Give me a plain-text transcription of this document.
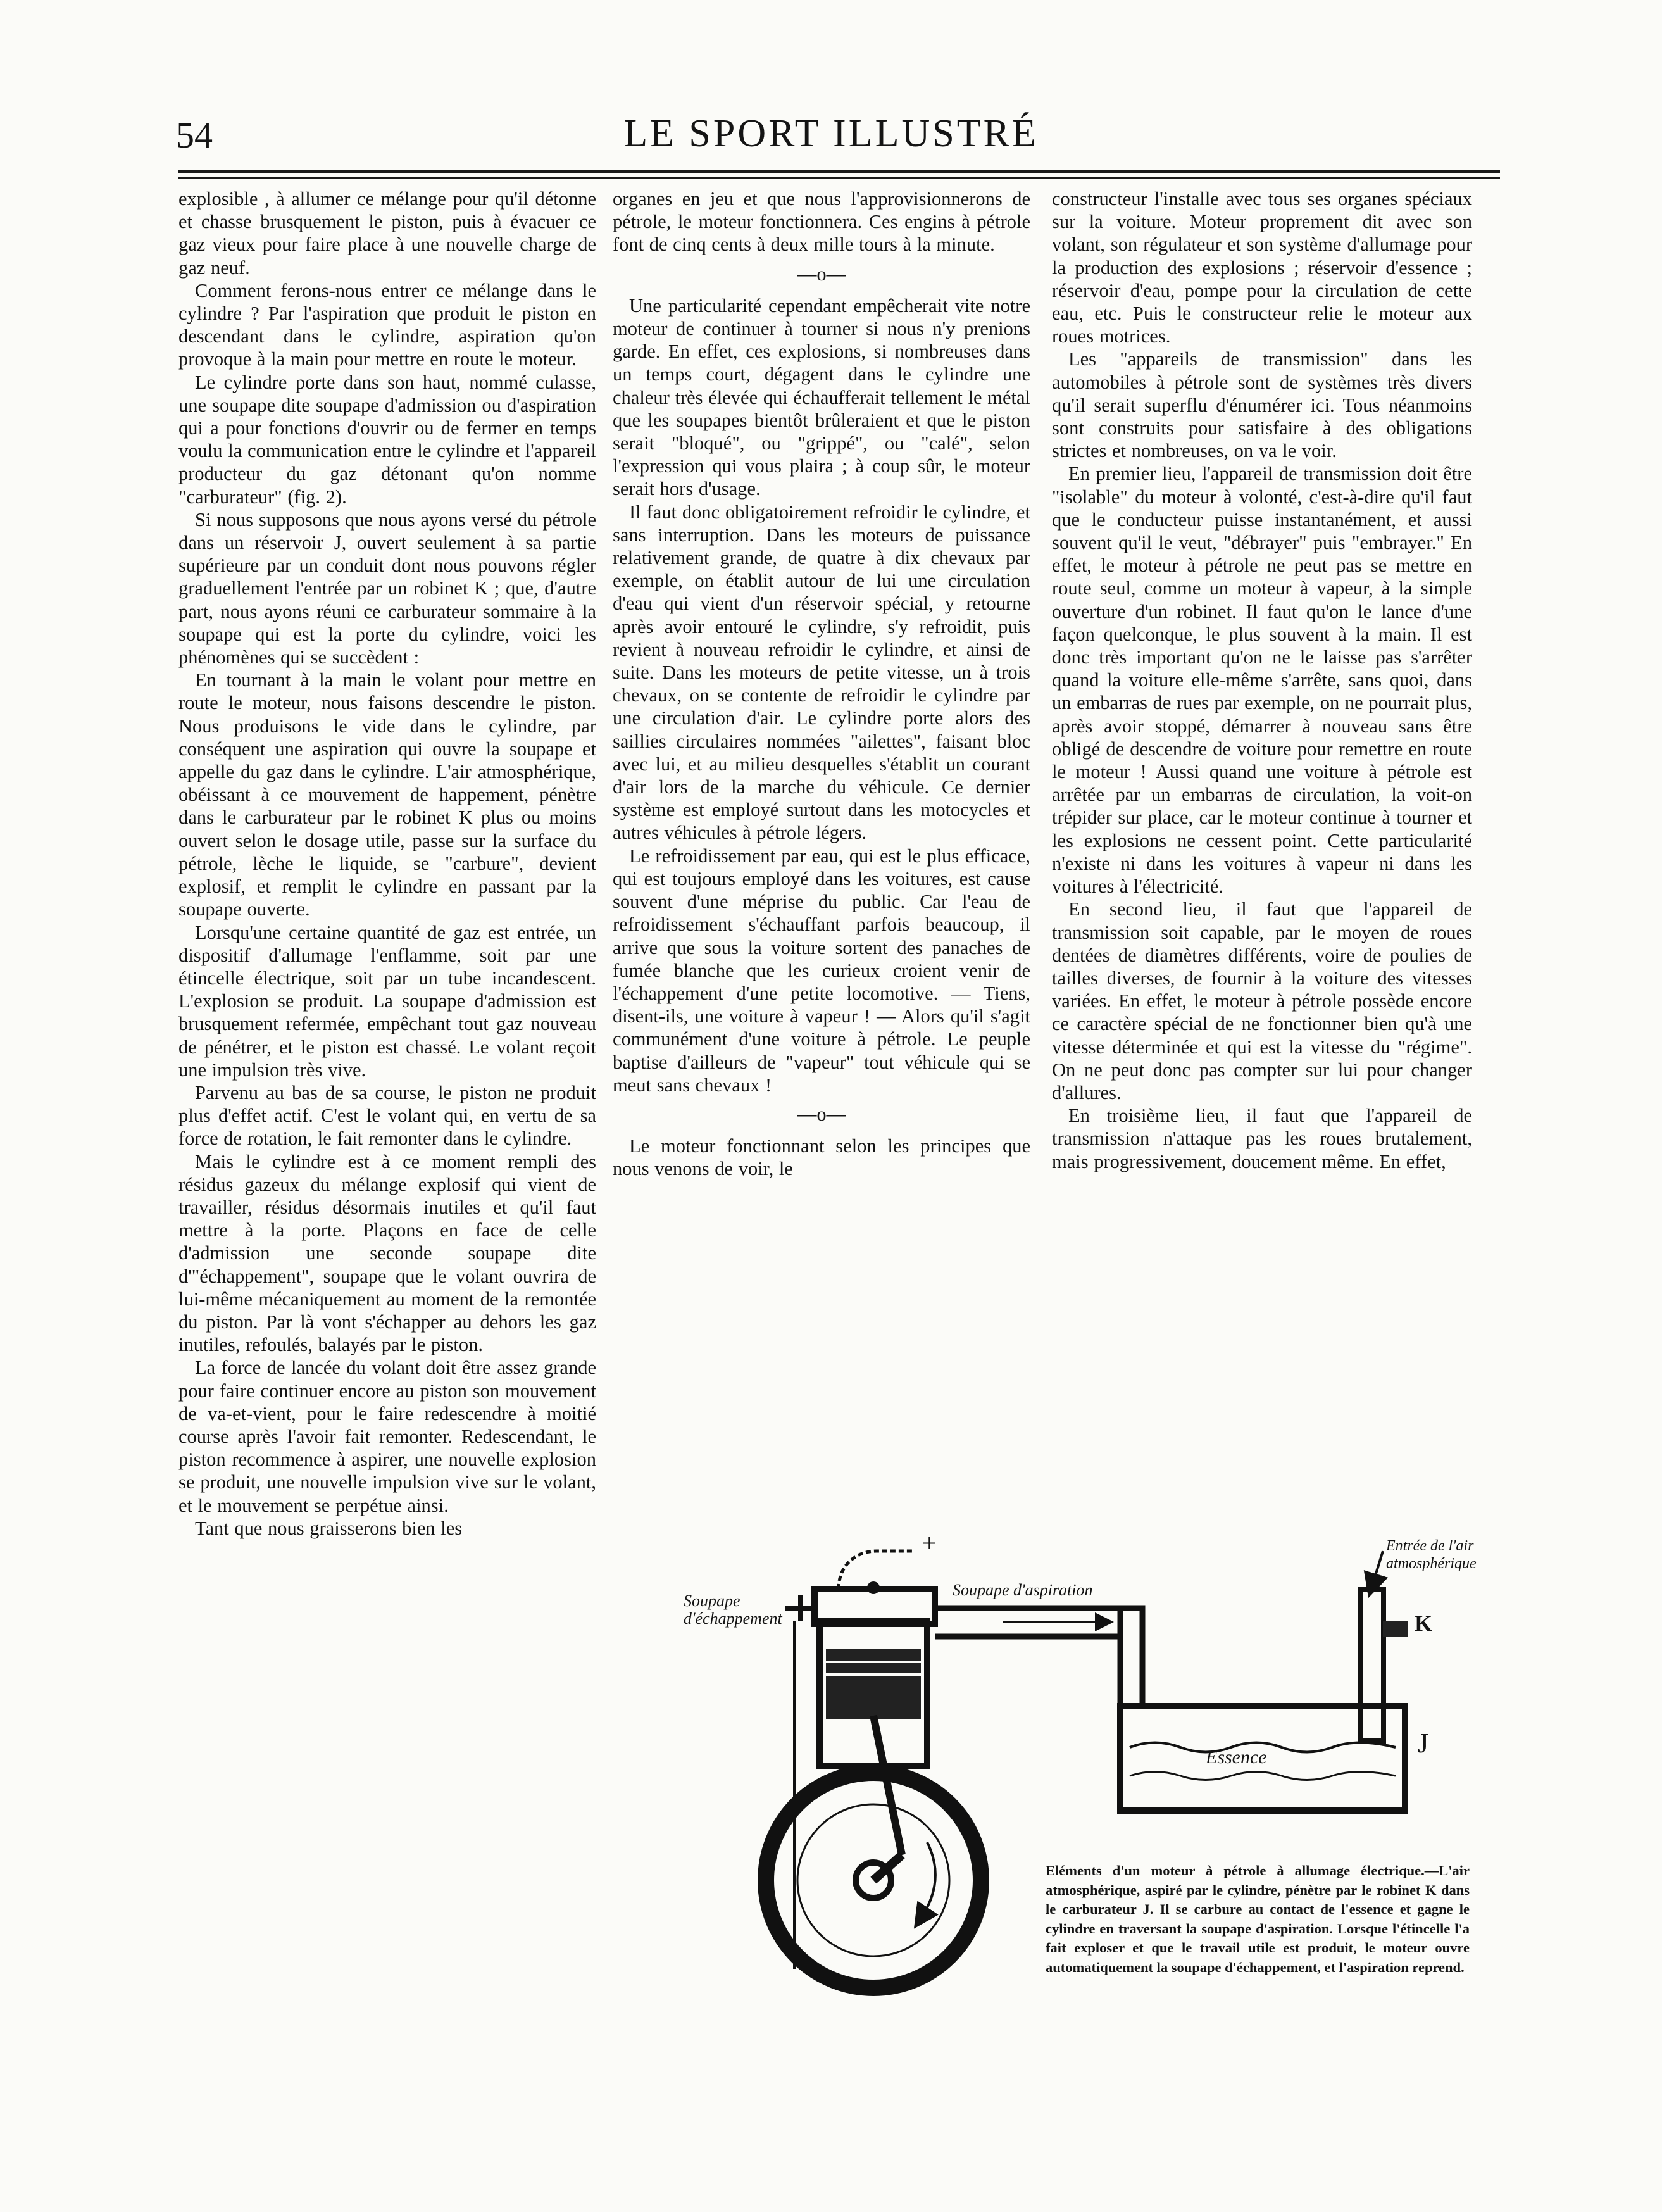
54	LE SPORT ILLUSTRÉ

explosible , à allumer ce mélange pour qu'il détonne et chasse brusquement le piston, puis à évacuer ce gaz vieux pour faire place à une nouvelle charge de gaz neuf.

Comment ferons-nous entrer ce mélange dans le cylindre ? Par l'aspiration que produit le piston en descendant dans le cylindre, aspiration qu'on provoque à la main pour mettre en route le moteur.

Le cylindre porte dans son haut, nommé culasse, une soupape dite soupape d'admission ou d'aspiration qui a pour fonctions d'ouvrir ou de fermer en temps voulu la communication entre le cylindre et l'appareil producteur du gaz détonant qu'on nomme "carburateur" (fig. 2).

Si nous supposons que nous ayons versé du pétrole dans un réservoir J, ouvert seulement à sa partie supérieure par un conduit dont nous pouvons régler graduellement l'entrée par un robinet K ; que, d'autre part, nous ayons réuni ce carburateur sommaire à la soupape qui est la porte du cylindre, voici les phénomènes qui se succèdent :

En tournant à la main le volant pour mettre en route le moteur, nous faisons descendre le piston. Nous produisons le vide dans le cylindre, par conséquent une aspiration qui ouvre la soupape et appelle du gaz dans le cylindre. L'air atmosphérique, obéissant à ce mouvement de happement, pénètre dans le carburateur par le robinet K plus ou moins ouvert selon le dosage utile, passe sur la surface du pétrole, lèche le liquide, se "carbure", devient explosif, et remplit le cylindre en passant par la soupape ouverte.

Lorsqu'une certaine quantité de gaz est entrée, un dispositif d'allumage l'enflamme, soit par une étincelle électrique, soit par un tube incandescent. L'explosion se produit. La soupape d'admission est brusquement refermée, empêchant tout gaz nouveau de pénétrer, et le piston est chassé. Le volant reçoit une impulsion très vive.

Parvenu au bas de sa course, le piston ne produit plus d'effet actif. C'est le volant qui, en vertu de sa force de rotation, le fait remonter dans le cylindre.

Mais le cylindre est à ce moment rempli des résidus gazeux du mélange explosif qui vient de travailler, résidus désormais inutiles et qu'il faut mettre à la porte. Plaçons en face de celle d'admission une seconde soupape dite d'"échappement", soupape que le volant ouvrira de lui-même mécaniquement au moment de la remontée du piston. Par là vont s'échapper au dehors les gaz inutiles, refoulés, balayés par le piston.

La force de lancée du volant doit être assez grande pour faire continuer encore au piston son mouvement de va-et-vient, pour le faire redescendre à moitié course après l'avoir fait remonter. Redescendant, le piston recommence à aspirer, une nouvelle explosion se produit, une nouvelle impulsion vive sur le volant, et le mouvement se perpétue ainsi.

Tant que nous graisserons bien les

organes en jeu et que nous l'approvisionnerons de pétrole, le moteur fonctionnera. Ces engins à pétrole font de cinq cents à deux mille tours à la minute.

—o—

Une particularité cependant empêcherait vite notre moteur de continuer à tourner si nous n'y prenions garde. En effet, ces explosions, si nombreuses dans un temps court, dégagent dans le cylindre une chaleur très élevée qui échaufferait tellement le métal que les soupapes bientôt brûleraient et que le piston serait "bloqué", ou "grippé", ou "calé", selon l'expression qui vous plaira ; à coup sûr, le moteur serait hors d'usage.

Il faut donc obligatoirement refroidir le cylindre, et sans interruption. Dans les moteurs de puissance relativement grande, de quatre à dix chevaux par exemple, on établit autour de lui une circulation d'eau qui vient d'un réservoir spécial, y retourne après avoir entouré le cylindre, s'y refroidit, puis revient à nouveau refroidir le cylindre, et ainsi de suite. Dans les moteurs de petite vitesse, un à trois chevaux, on se contente de refroidir le cylindre par une circulation d'air. Le cylindre porte alors des saillies circulaires nommées "ailettes", faisant bloc avec lui, et au milieu desquelles s'établit un courant d'air lors de la marche du véhicule. Ce dernier système est employé surtout dans les motocycles et autres véhicules à pétrole légers.

Le refroidissement par eau, qui est le plus efficace, qui est toujours employé dans les voitures, est cause souvent d'une méprise du public. Car l'eau de refroidissement s'échauffant parfois beaucoup, il arrive que sous la voiture sortent des panaches de fumée blanche que les curieux croient venir de l'échappement d'une petite locomotive. — Tiens, disent-ils, une voiture à vapeur ! — Alors qu'il s'agit communément d'une voiture à pétrole. Le peuple baptise d'ailleurs de "vapeur" tout véhicule qui se meut sans chevaux !

—o—

Le moteur fonctionnant selon les principes que nous venons de voir, le

constructeur l'installe avec tous ses organes spéciaux sur la voiture. Moteur proprement dit avec son volant, son régulateur et son système d'allumage pour la production des explosions ; réservoir d'essence ; réservoir d'eau, pompe pour la circulation de cette eau, etc. Puis le constructeur relie le moteur aux roues motrices.

Les "appareils de transmission" dans les automobiles à pétrole sont de systèmes très divers qu'il serait superflu d'énumérer ici. Tous néanmoins sont construits pour satisfaire à des obligations strictes et nombreuses, on va le voir.

En premier lieu, l'appareil de transmission doit être "isolable" du moteur à volonté, c'est-à-dire qu'il faut que le conducteur puisse instantanément, et aussi souvent qu'il le veut, "débrayer" puis "embrayer." En effet, le moteur à pétrole ne peut pas se mettre en route seul, comme un moteur à vapeur, à la simple ouverture d'un robinet. Il faut qu'on le lance d'une façon quelconque, le plus souvent à la main. Il est donc très important qu'on ne le laisse pas s'arrêter quand la voiture elle-même s'arrête, sans quoi, dans un embarras de rues par exemple, on ne pourrait plus, après avoir stoppé, démarrer à nouveau sans être obligé de descendre de voiture pour remettre en route le moteur ! Aussi quand une voiture à pétrole est arrêtée par un embarras de circulation, la voit-on trépider sur place, car le moteur continue à tourner et les explosions ne cessent point. Cette particularité n'existe ni dans les voitures à vapeur ni dans les voitures à l'électricité.

En second lieu, il faut que l'appareil de transmission soit capable, par le moyen de roues dentées de diamètres différents, voire de poulies de tailles diverses, de fournir à la voiture des vitesses variées. En effet, le moteur à pétrole possède encore ce caractère spécial de ne fonctionner bien qu'à une vitesse déterminée et qui est la vitesse du "régime". On ne peut donc pas compter sur lui pour changer d'allures.

En troisième lieu, il faut que l'appareil de transmission n'attaque pas les roues brutalement, mais progressivement, doucement même. En effet,

+
Soupape d'échappement
Soupape d'aspiration
Entrée de l'air atmosphérique
K
J
Essence
Eléments d'un moteur à pétrole à allumage électrique.—L'air atmosphérique, aspiré par le cylindre, pénètre par le robinet K dans le carburateur J. Il se carbure au contact de l'essence et gagne le cylindre en traversant la soupape d'aspiration. Lorsque l'étincelle l'a fait exploser et que le travail utile est produit, le moteur ouvre automatiquement la soupape d'échappement, et l'aspiration reprend.
